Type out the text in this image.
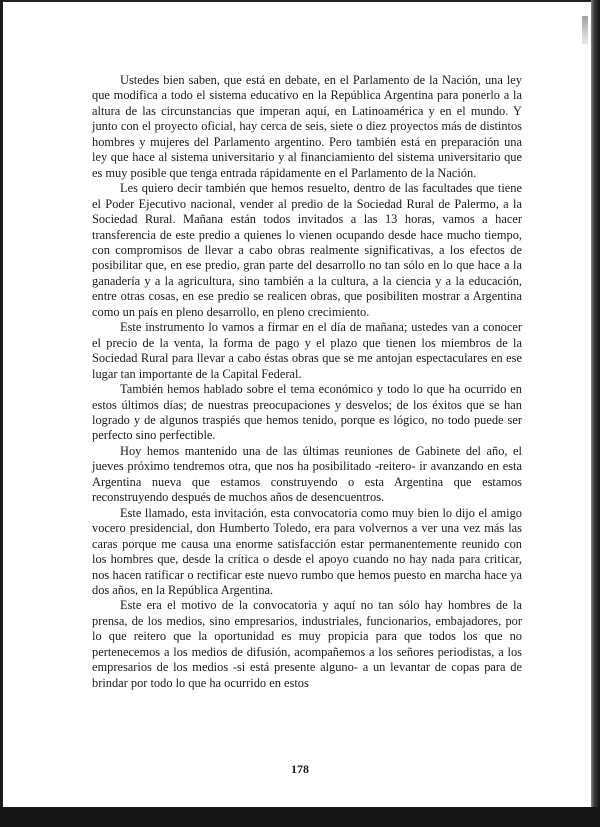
Ustedes bien saben, que está en debate, en el Parlamento de la Nación, una ley que modifica a todo el sistema educativo en la República Argentina para ponerlo a la altura de las circunstancias que imperan aquí, en Latinoamérica y en el mundo. Y junto con el proyecto oficial, hay cerca de seis, siete o diez proyectos más de distintos hombres y mujeres del Parlamento argentino. Pero también está en preparación una ley que hace al sistema universitario y al financiamiento del sistema universitario que es muy posible que tenga entrada rápidamente en el Parlamento de la Nación.

Les quiero decir también que hemos resuelto, dentro de las facultades que tiene el Poder Ejecutivo nacional, vender al predio de la Sociedad Rural de Palermo, a la Sociedad Rural. Mañana están todos invitados a las 13 horas, vamos a hacer transferencia de este predio a quienes lo vienen ocupando desde hace mucho tiempo, con compromisos de llevar a cabo obras realmente significativas, a los efectos de posibilitar que, en ese predio, gran parte del desarrollo no tan sólo en lo que hace a la ganadería y a la agricultura, sino también a la cultura, a la ciencia y a la educación, entre otras cosas, en ese predio se realicen obras, que posibiliten mostrar a Argentina como un país en pleno desarrollo, en pleno crecimiento.

Este instrumento lo vamos a firmar en el día de mañana; ustedes van a conocer el precio de la venta, la forma de pago y el plazo que tienen los miembros de la Sociedad Rural para llevar a cabo éstas obras que se me antojan espectaculares en ese lugar tan importante de la Capital Federal.

También hemos hablado sobre el tema económico y todo lo que ha ocurrido en estos últimos días; de nuestras preocupaciones y desvelos; de los éxitos que se han logrado y de algunos traspiés que hemos tenido, porque es lógico, no todo puede ser perfecto sino perfectible.

Hoy hemos mantenido una de las últimas reuniones de Gabinete del año, el jueves próximo tendremos otra, que nos ha posibilitado -reitero- ir avanzando en esta Argentina nueva que estamos construyendo o esta Argentina que estamos reconstruyendo después de muchos años de desencuentros.

Este llamado, esta invitación, esta convocatoria como muy bien lo dijo el amigo vocero presidencial, don Humberto Toledo, era para volvernos a ver una vez más las caras porque me causa una enorme satisfacción estar permanentemente reunido con los hombres que, desde la crítica o desde el apoyo cuando no hay nada para criticar, nos hacen ratificar o rectificar este nuevo rumbo que hemos puesto en marcha hace ya dos años, en la República Argentina.

Este era el motivo de la convocatoria y aquí no tan sólo hay hombres de la prensa, de los medios, sino empresarios, industriales, funcionarios, embajadores, por lo que reitero que la oportunidad es muy propicia para que todos los que no pertenecemos a los medios de difusión, acompañemos a los señores periodistas, a los empresarios de los medios -si está presente alguno- a un levantar de copas para de brindar por todo lo que ha ocurrido en estos

178
